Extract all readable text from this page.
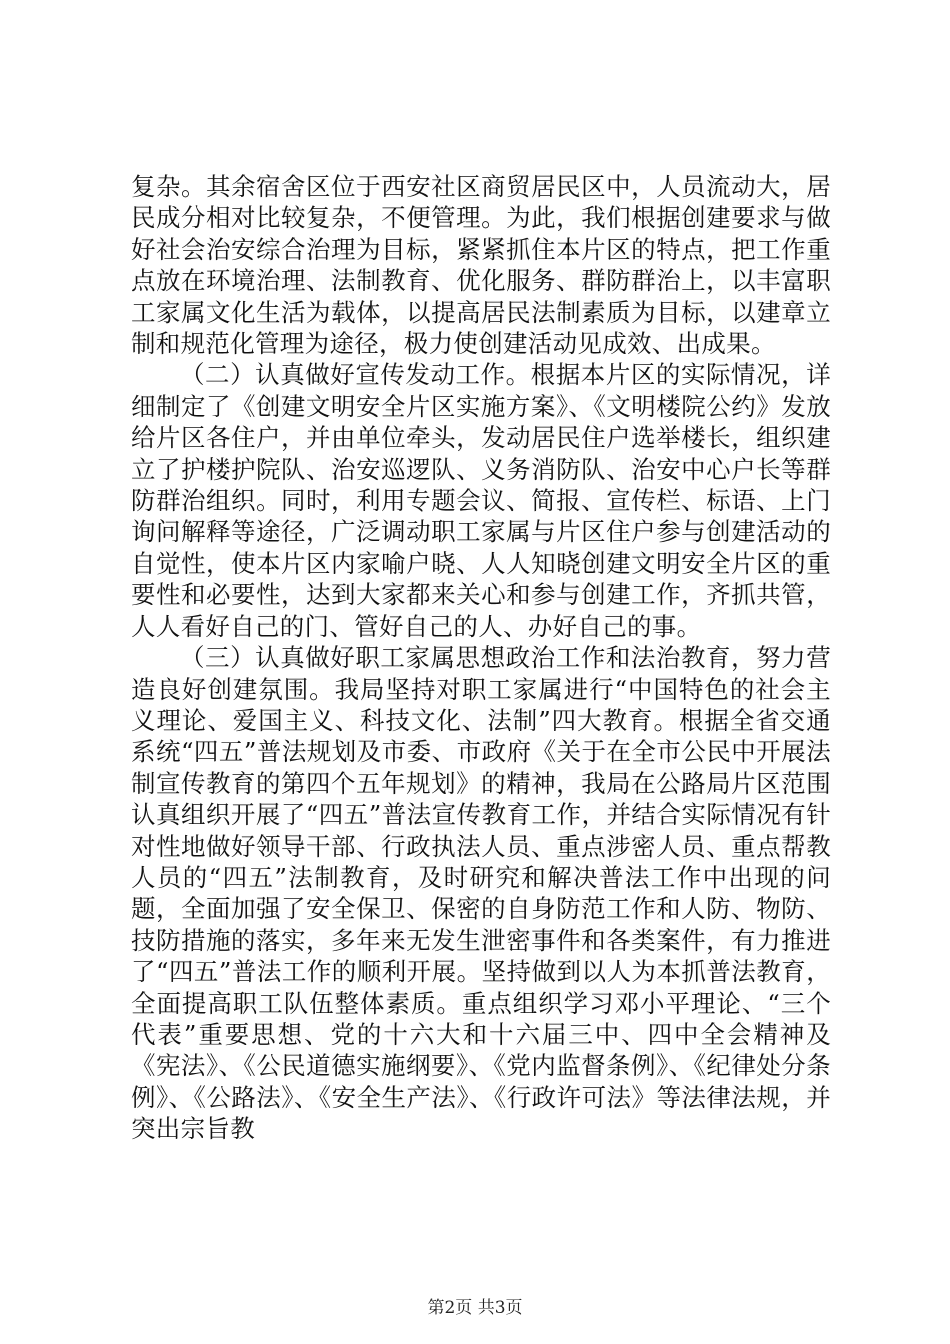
复杂。其余宿舍区位于西安社区商贸居民区中，人员流动大，居民成分相对比较复杂，不便管理。为此，我们根据创建要求与做好社会治安综合治理为目标，紧紧抓住本片区的特点，把工作重点放在环境治理、法制教育、优化服务、群防群治上，以丰富职工家属文化生活为载体，以提高居民法制素质为目标，以建章立制和规范化管理为途径，极力使创建活动见成效、出成果。

（二）认真做好宣传发动工作。根据本片区的实际情况，详细制定了《创建文明安全片区实施方案》、《文明楼院公约》发放给片区各住户，并由单位牵头，发动居民住户选举楼长，组织建立了护楼护院队、治安巡逻队、义务消防队、治安中心户长等群防群治组织。同时，利用专题会议、简报、宣传栏、标语、上门询问解释等途径，广泛调动职工家属与片区住户参与创建活动的自觉性，使本片区内家喻户晓、人人知晓创建文明安全片区的重要性和必要性，达到大家都来关心和参与创建工作，齐抓共管，人人看好自己的门、管好自己的人、办好自己的事。

（三）认真做好职工家属思想政治工作和法治教育，努力营造良好创建氛围。我局坚持对职工家属进行“中国特色的社会主义理论、爱国主义、科技文化、法制”四大教育。根据全省交通系统“四五”普法规划及市委、市政府《关于在全市公民中开展法制宣传教育的第四个五年规划》的精神，我局在公路局片区范围认真组织开展了“四五”普法宣传教育工作，并结合实际情况有针对性地做好领导干部、行政执法人员、重点涉密人员、重点帮教人员的“四五”法制教育，及时研究和解决普法工作中出现的问题，全面加强了安全保卫、保密的自身防范工作和人防、物防、技防措施的落实，多年来无发生泄密事件和各类案件，有力推进了“四五”普法工作的顺利开展。坚持做到以人为本抓普法教育，全面提高职工队伍整体素质。重点组织学习邓小平理论、“三个代表”重要思想、党的十六大和十六届三中、四中全会精神及《宪法》、《公民道德实施纲要》、《党内监督条例》、《纪律处分条例》、《公路法》、《安全生产法》、《行政许可法》等法律法规，并突出宗旨教

第2页 共3页
